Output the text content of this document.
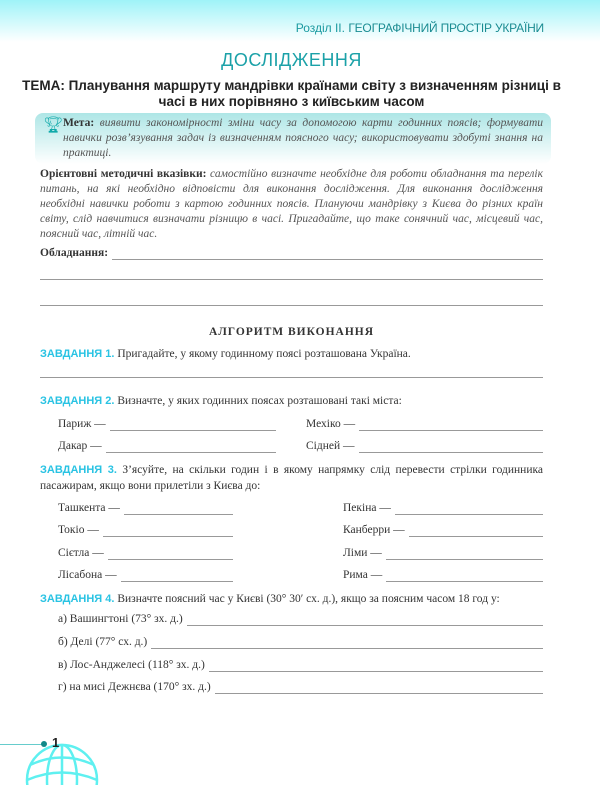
Розділ II. ГЕОГРАФІЧНИЙ ПРОСТІР УКРАЇНИ
ДОСЛІДЖЕННЯ
ТЕМА: Планування маршруту мандрівки країнами світу з визначенням різниці в часі в них порівняно з київським часом
🏆︎ Мета: виявити закономірності зміни часу за допомогою карти годинних поясів; формувати навички розв’язування задач із визначенням поясного часу; використовувати здобуті знання на практиці.
Орієнтовні методичні вказівки: самостійно визначте необхідне для роботи обладнання та перелік питань, на які необхідно відповісти для виконання дослідження. Для виконання дослідження необхідні навички роботи з картою годинних поясів. Плануючи мандрівку з Києва до різних країн світу, слід навчитися визначати різницю в часі. Пригадайте, що таке сонячний час, місцевий час, поясний час, літній час.
Обладнання:
АЛГОРИТМ ВИКОНАННЯ
ЗАВДАННЯ 1. Пригадайте, у якому годинному поясі розташована Україна.
ЗАВДАННЯ 2. Визначте, у яких годинних поясах розташовані такі міста:
Париж —	Мехіко —
Дакар —	Сідней —
ЗАВДАННЯ 3. З’ясуйте, на скільки годин і в якому напрямку слід перевести стрілки годинника пасажирам, якщо вони прилетіли з Києва до:
Ташкента —	Пекіна —
Токіо —	Канберри —
Сієтла —	Ліми —
Лісабона —	Рима —
ЗАВДАННЯ 4. Визначте поясний час у Києві (30° 30′ сх. д.), якщо за поясним часом 18 год у:
а) Вашингтоні (73° зх. д.)
б) Делі (77° сх. д.)
в) Лос-Анджелесі (118° зх. д.)
г) на мисі Дежнєва (170° зх. д.)
1
